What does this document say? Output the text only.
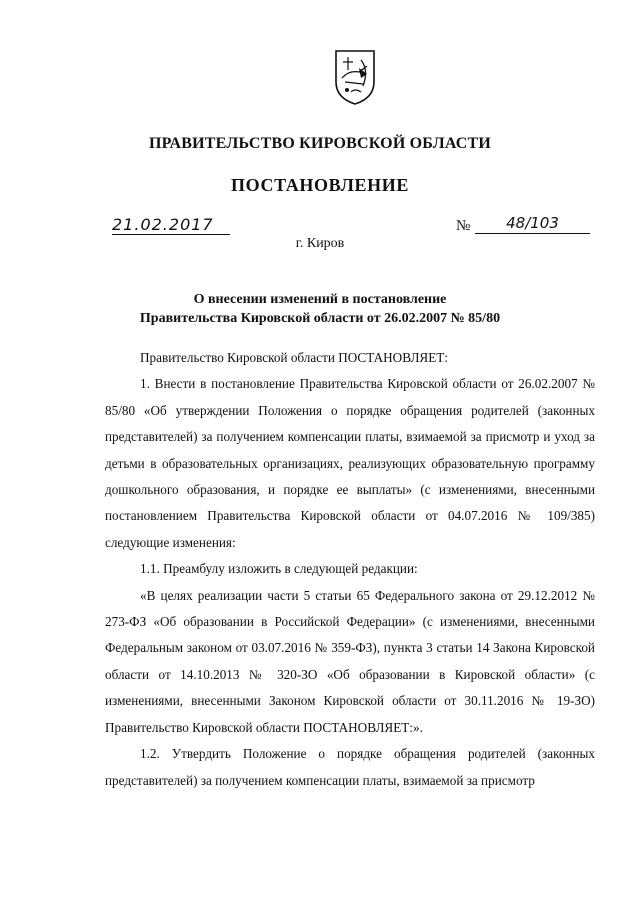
ПРАВИТЕЛЬСТВО КИРОВСКОЙ ОБЛАСТИ
ПОСТАНОВЛЕНИЕ
21.02.2017	№	48/103
г. Киров
О внесении изменений в постановление
Правительства Кировской области от 26.02.2007 № 85/80

Правительство Кировской области ПОСТАНОВЛЯЕТ:

1. Внести в постановление Правительства Кировской области от 26.02.2007 № 85/80 «Об утверждении Положения о порядке обращения родителей (законных представителей) за получением компенсации платы, взимаемой за присмотр и уход за детьми в образовательных организациях, реализующих образовательную программу дошкольного образования, и порядке ее выплаты» (с изменениями, внесенными постановлением Правительства Кировской области от 04.07.2016 № 109/385) следующие изменения:

1.1. Преамбулу изложить в следующей редакции:

«В целях реализации части 5 статьи 65 Федерального закона от 29.12.2012 № 273-ФЗ «Об образовании в Российской Федерации» (с изменениями, внесенными Федеральным законом от 03.07.2016 № 359-ФЗ), пункта 3 статьи 14 Закона Кировской области от 14.10.2013 № 320-ЗО «Об образовании в Кировской области» (с изменениями, внесенными Законом Кировской области от 30.11.2016 № 19-ЗО) Правительство Кировской области ПОСТАНОВЛЯЕТ:».

1.2. Утвердить Положение о порядке обращения родителей (законных представителей) за получением компенсации платы, взимаемой за присмотр
